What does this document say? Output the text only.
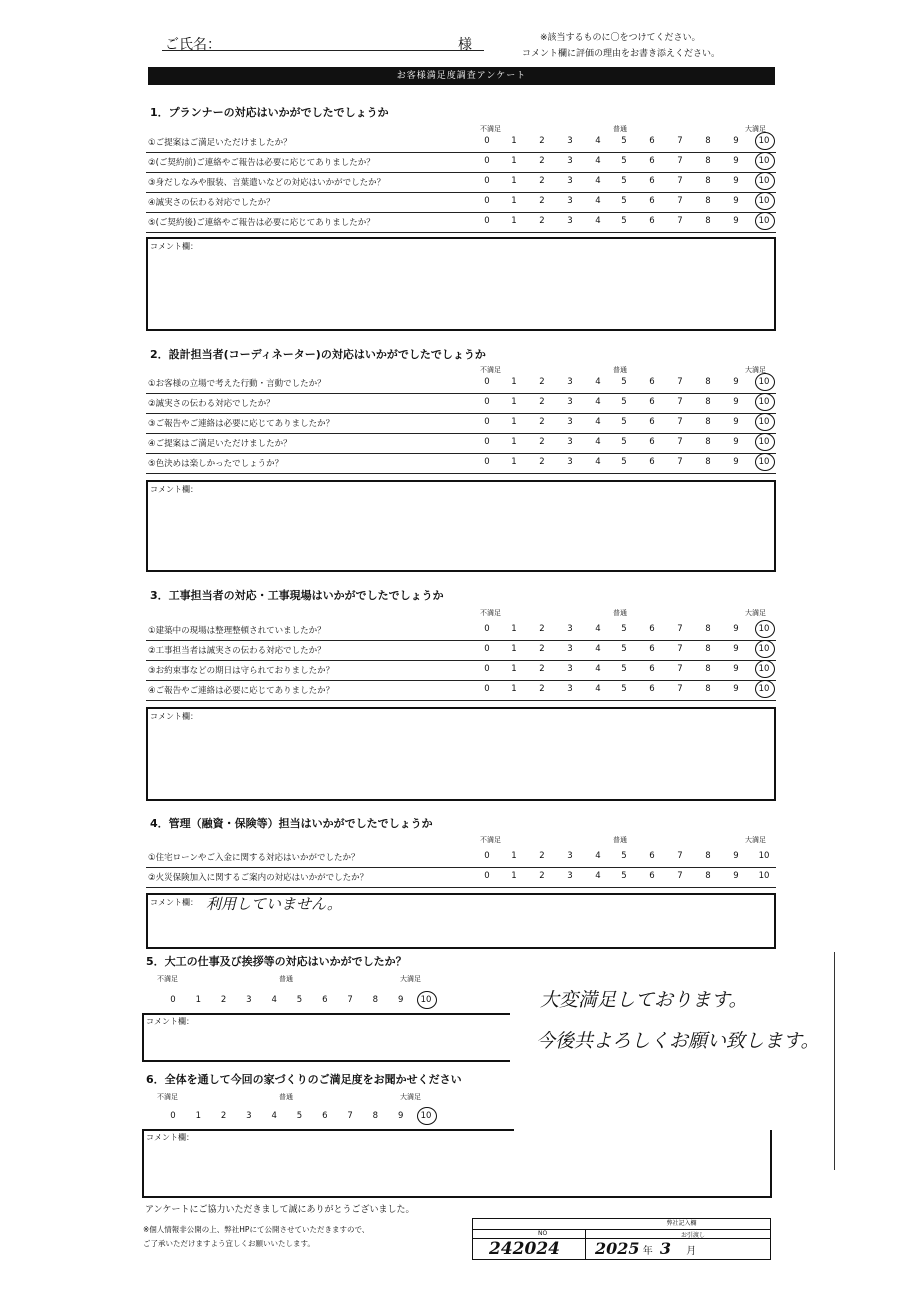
ご氏名：	様	※該当するものに〇をつけてください。
コメント欄に評価の理由をお書き添えください。
お客様満足度調査アンケート
1．プランナーの対応はいかがでしたでしょうか
不満足	普通	大満足
①ご提案はご満足いただけましたか？	0	1	2	3	4	5	6	7	8	9	10
②(ご契約前)ご連絡やご報告は必要に応じてありましたか？	0	1	2	3	4	5	6	7	8	9	10
③身だしなみや服装、言葉遣いなどの対応はいかがでしたか？	0	1	2	3	4	5	6	7	8	9	10
④誠実さの伝わる対応でしたか？	0	1	2	3	4	5	6	7	8	9	10
⑤(ご契約後)ご連絡やご報告は必要に応じてありましたか？	0	1	2	3	4	5	6	7	8	9	10
コメント欄：
2．設計担当者(コーディネーター)の対応はいかがでしたでしょうか
不満足	普通	大満足
①お客様の立場で考えた行動・言動でしたか？	0	1	2	3	4	5	6	7	8	9	10
②誠実さの伝わる対応でしたか？	0	1	2	3	4	5	6	7	8	9	10
③ご報告やご連絡は必要に応じてありましたか？	0	1	2	3	4	5	6	7	8	9	10
④ご提案はご満足いただけましたか？	0	1	2	3	4	5	6	7	8	9	10
⑤色決めは楽しかったでしょうか？	0	1	2	3	4	5	6	7	8	9	10
コメント欄：
3．工事担当者の対応・工事現場はいかがでしたでしょうか
不満足	普通	大満足
①建築中の現場は整理整頓されていましたか？	0	1	2	3	4	5	6	7	8	9	10
②工事担当者は誠実さの伝わる対応でしたか？	0	1	2	3	4	5	6	7	8	9	10
③お約束事などの期日は守られておりましたか？	0	1	2	3	4	5	6	7	8	9	10
④ご報告やご連絡は必要に応じてありましたか？	0	1	2	3	4	5	6	7	8	9	10
コメント欄：
4．管理（融資・保険等）担当はいかがでしたでしょうか
不満足	普通	大満足
①住宅ローンやご入金に関する対応はいかがでしたか？	0	1	2	3	4	5	6	7	8	9	10
②火災保険加入に関するご案内の対応はいかがでしたか？	0	1	2	3	4	5	6	7	8	9	10
コメント欄： 利用していません。
5．大工の仕事及び挨拶等の対応はいかがでしたか？
不満足	普通	大満足
0	1	2	3	4	5	6	7	8	9	10
コメント欄：
6．全体を通して今回の家づくりのご満足度をお聞かせください
不満足	普通	大満足
0	1	2	3	4	5	6	7	8	9	10
コメント欄：
大変満足しております。
今後共よろしくお願い致します。
アンケートにご協力いただきまして誠にありがとうございました。
※個人情報非公開の上、弊社HPにて公開させていただきますので、
ご了承いただけますよう宜しくお願いいたします。
弊社記入欄
NO	お引渡し
242024 2025 年 3 月
